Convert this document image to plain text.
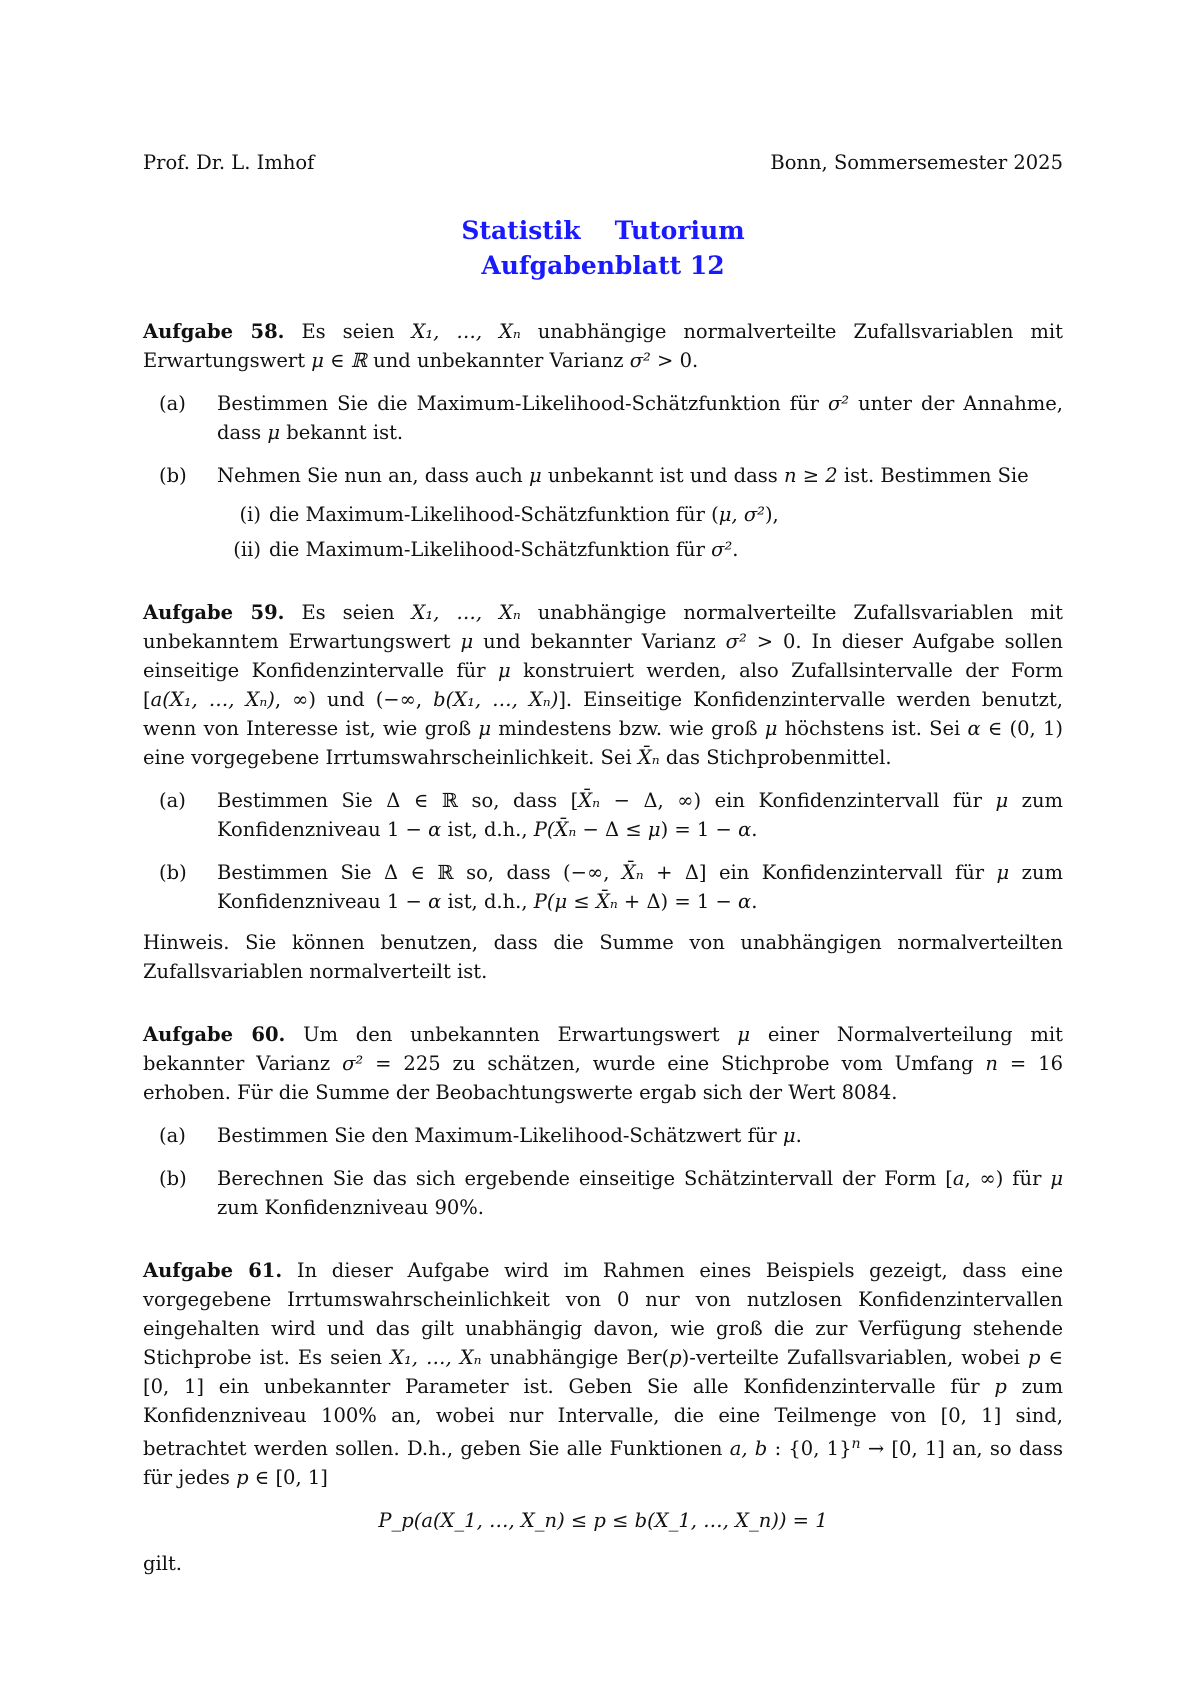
Prof. Dr. L. Imhof	Bonn, Sommersemester 2025
Statistik Tutorium
Aufgabenblatt 12
Aufgabe 58. Es seien X₁, …, Xₙ unabhängige normalverteilte Zufallsvariablen mit Erwartungswert μ ∈ ℝ und unbekannter Varianz σ² > 0.
(a)	Bestimmen Sie die Maximum-Likelihood-Schätzfunktion für σ² unter der Annahme, dass μ bekannt ist.
(b)	Nehmen Sie nun an, dass auch μ unbekannt ist und dass n ≥ 2 ist. Bestimmen Sie
(i) die Maximum-Likelihood-Schätzfunktion für (μ, σ²),
(ii) die Maximum-Likelihood-Schätzfunktion für σ².
Aufgabe 59. Es seien X₁, …, Xₙ unabhängige normalverteilte Zufallsvariablen mit unbekanntem Erwartungswert μ und bekannter Varianz σ² > 0. In dieser Aufgabe sollen einseitige Konfidenzintervalle für μ konstruiert werden, also Zufallsintervalle der Form [a(X₁, …, Xₙ), ∞) und (−∞, b(X₁, …, Xₙ)]. Einseitige Konfidenzintervalle werden benutzt, wenn von Interesse ist, wie groß μ mindestens bzw. wie groß μ höchstens ist. Sei α ∈ (0, 1) eine vorgegebene Irrtumswahrscheinlichkeit. Sei X̄ₙ das Stichprobenmittel.
(a)	Bestimmen Sie Δ ∈ ℝ so, dass [X̄ₙ − Δ, ∞) ein Konfidenzintervall für μ zum Konfidenzniveau 1 − α ist, d.h., P(X̄ₙ − Δ ≤ μ) = 1 − α.
(b)	Bestimmen Sie Δ ∈ ℝ so, dass (−∞, X̄ₙ + Δ] ein Konfidenzintervall für μ zum Konfidenzniveau 1 − α ist, d.h., P(μ ≤ X̄ₙ + Δ) = 1 − α.
Hinweis. Sie können benutzen, dass die Summe von unabhängigen normalverteilten Zufallsvariablen normalverteilt ist.
Aufgabe 60. Um den unbekannten Erwartungswert μ einer Normalverteilung mit bekannter Varianz σ² = 225 zu schätzen, wurde eine Stichprobe vom Umfang n = 16 erhoben. Für die Summe der Beobachtungswerte ergab sich der Wert 8084.
(a)	Bestimmen Sie den Maximum-Likelihood-Schätzwert für μ.
(b)	Berechnen Sie das sich ergebende einseitige Schätzintervall der Form [a, ∞) für μ zum Konfidenzniveau 90%.
Aufgabe 61. In dieser Aufgabe wird im Rahmen eines Beispiels gezeigt, dass eine vorgegebene Irrtumswahrscheinlichkeit von 0 nur von nutzlosen Konfidenzintervallen eingehalten wird und das gilt unabhängig davon, wie groß die zur Verfügung stehende Stichprobe ist. Es seien X₁, …, Xₙ unabhängige Ber(p)-verteilte Zufallsvariablen, wobei p ∈ [0, 1] ein unbekannter Parameter ist. Geben Sie alle Konfidenzintervalle für p zum Konfidenzniveau 100% an, wobei nur Intervalle, die eine Teilmenge von [0, 1] sind, betrachtet werden sollen. D.h., geben Sie alle Funktionen a, b : {0, 1}$^n$ → [0, 1] an, so dass für jedes p ∈ [0, 1]
P_p(a(X_1, …, X_n) ≤ p ≤ b(X_1, …, X_n)) = 1
gilt.
